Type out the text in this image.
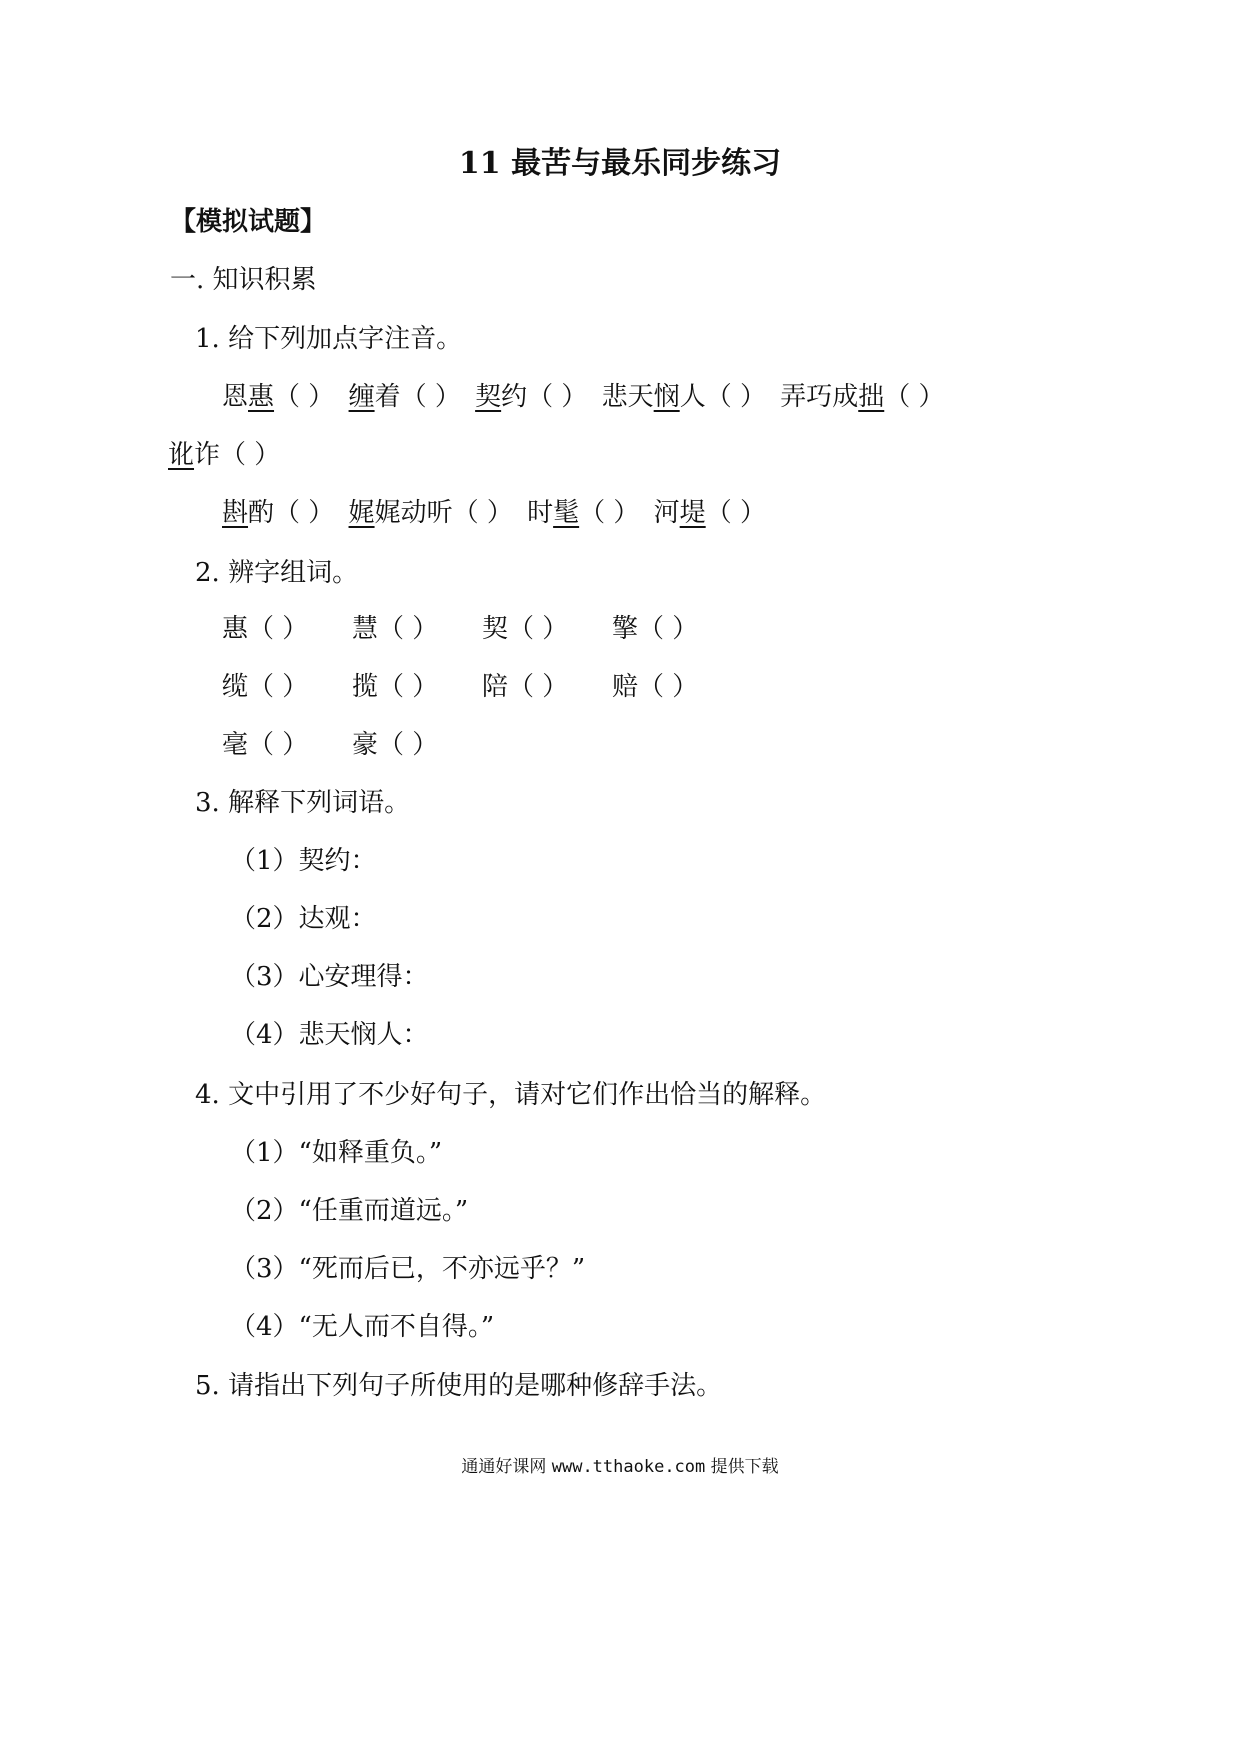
11 最苦与最乐同步练习
【模拟试题】
一. 知识积累
1. 给下列加点字注音。
恩惠（ ） 缠着（ ） 契约（ ） 悲天悯人（ ） 弄巧成拙（ ）
讹诈（ ）
斟酌（ ） 娓娓动听（ ） 时髦（ ） 河堤（ ）
2. 辨字组词。
惠（ ） 慧（ ） 契（ ） 擎（ ）
缆（ ） 揽（ ） 陪（ ） 赔（ ）
毫（ ） 豪（ ）
3. 解释下列词语。
（1）契约：
（2）达观：
（3）心安理得：
（4）悲天悯人：
4. 文中引用了不少好句子，请对它们作出恰当的解释。
（1）“如释重负。”
（2）“任重而道远。”
（3）“死而后已，不亦远乎？”
（4）“无人而不自得。”
5. 请指出下列句子所使用的是哪种修辞手法。
通通好课网 www.tthaoke.com 提供下载
